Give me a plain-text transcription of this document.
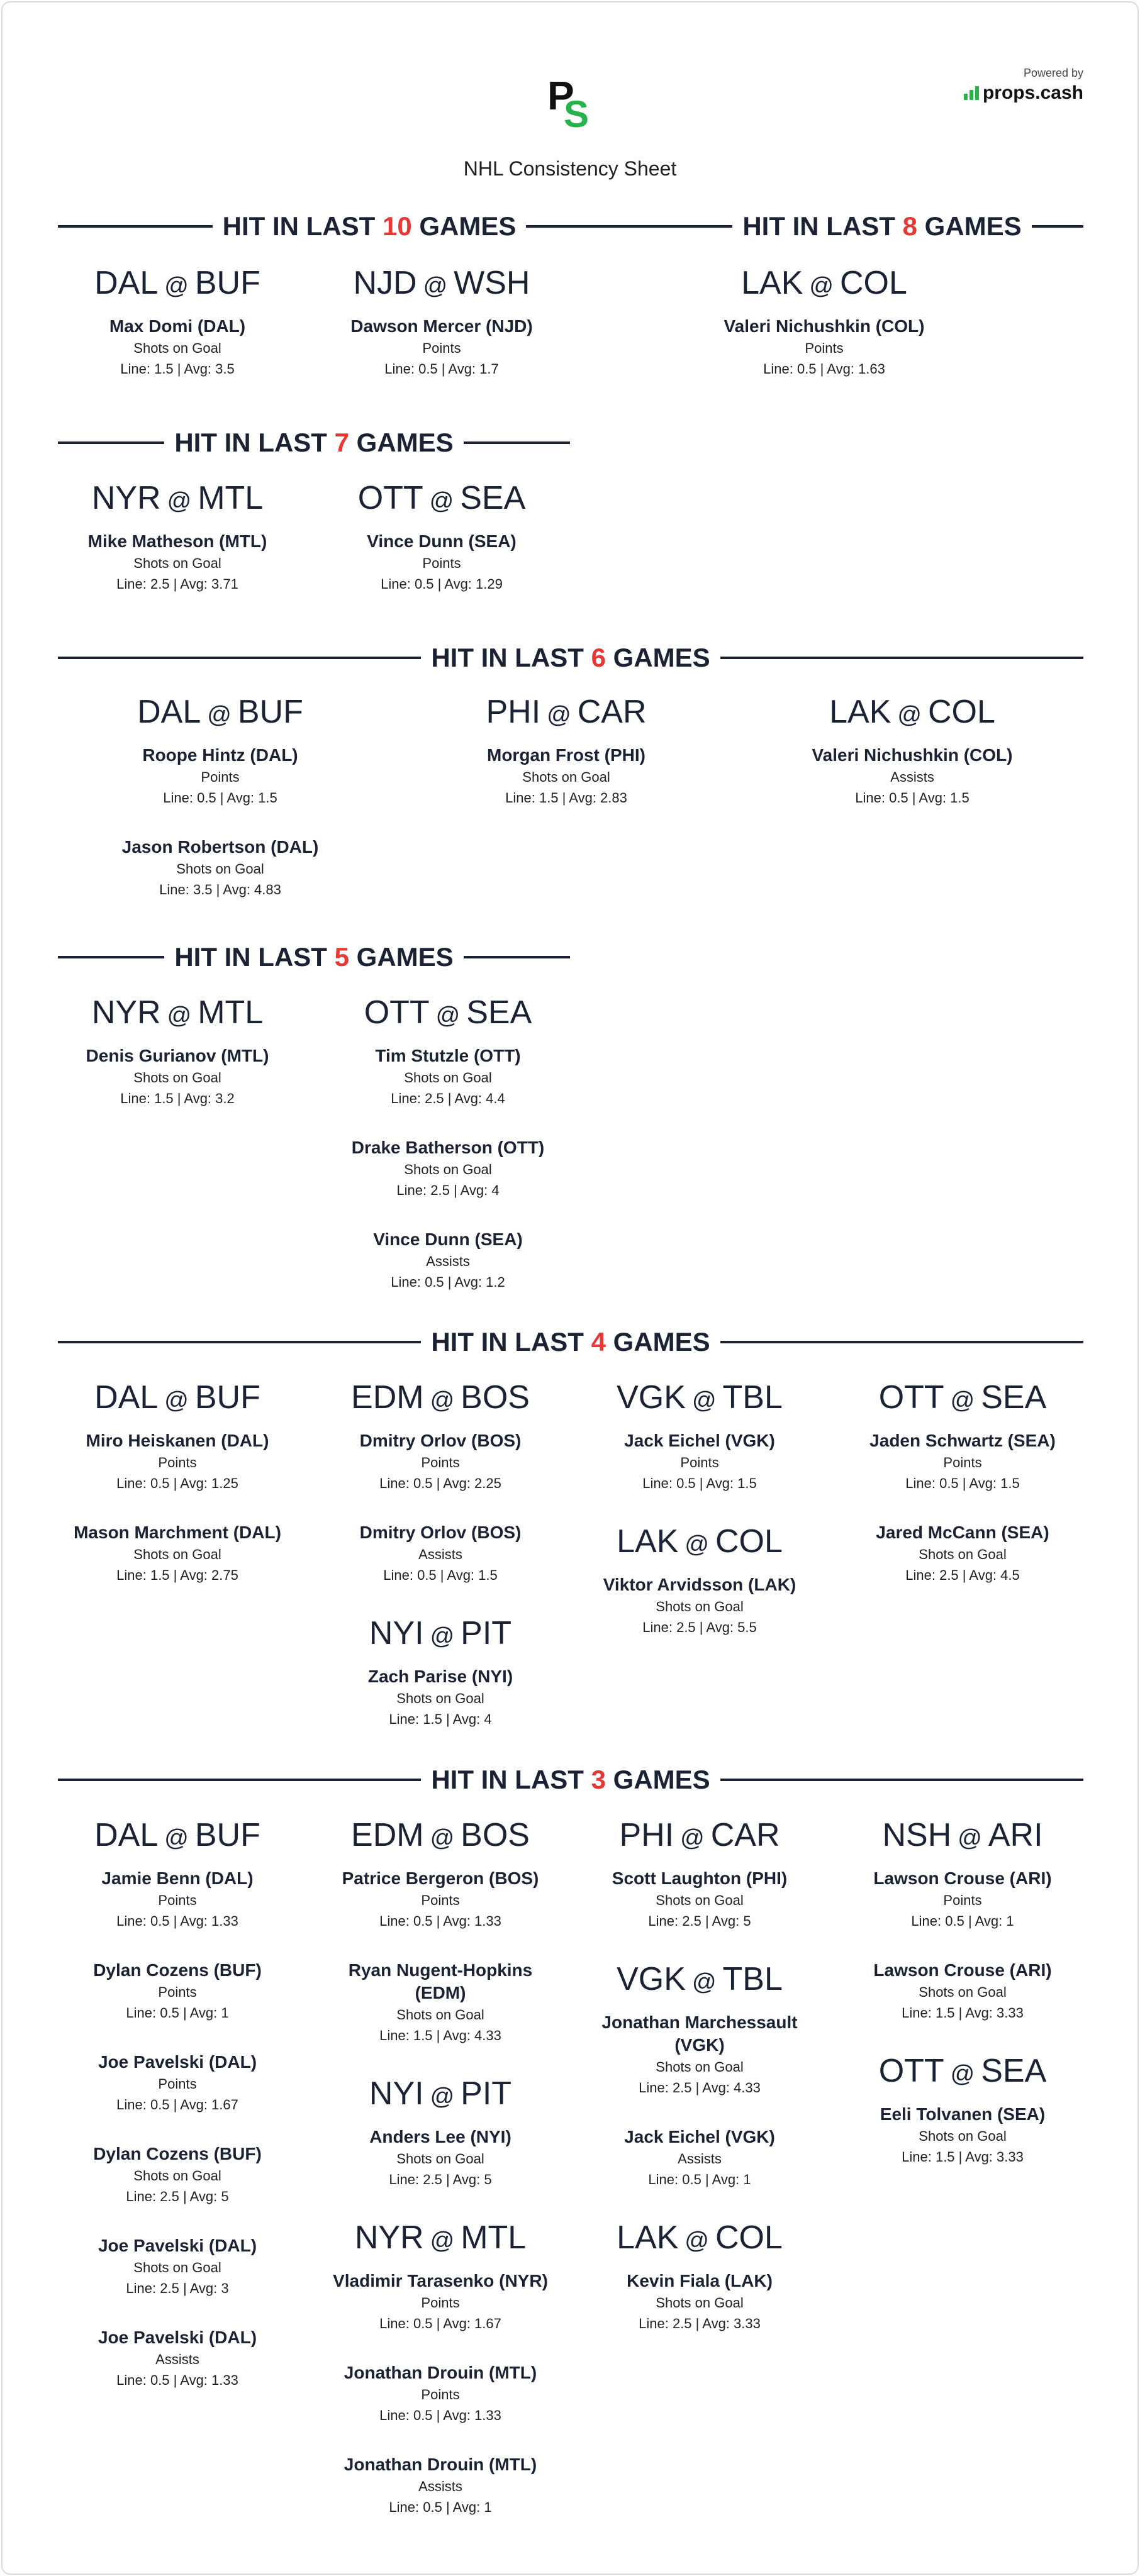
P
S
Powered by
props.cash
NHL Consistency Sheet
HIT IN LAST 10 GAMES	HIT IN LAST 8 GAMES
HIT IN LAST 7 GAMES
HIT IN LAST 6 GAMES
HIT IN LAST 5 GAMES
HIT IN LAST 4 GAMES
HIT IN LAST 3 GAMES
DAL @ BUF
Max Domi (DAL)
Shots on Goal
Line: 1.5 | Avg: 3.5
NJD @ WSH
Dawson Mercer (NJD)
Points
Line: 0.5 | Avg: 1.7
LAK @ COL
Valeri Nichushkin (COL)
Points
Line: 0.5 | Avg: 1.63
NYR @ MTL
Mike Matheson (MTL)
Shots on Goal
Line: 2.5 | Avg: 3.71
OTT @ SEA
Vince Dunn (SEA)
Points
Line: 0.5 | Avg: 1.29
DAL @ BUF
Roope Hintz (DAL)
Points
Line: 0.5 | Avg: 1.5
Jason Robertson (DAL)
Shots on Goal
Line: 3.5 | Avg: 4.83
PHI @ CAR
Morgan Frost (PHI)
Shots on Goal
Line: 1.5 | Avg: 2.83
LAK @ COL
Valeri Nichushkin (COL)
Assists
Line: 0.5 | Avg: 1.5
NYR @ MTL
Denis Gurianov (MTL)
Shots on Goal
Line: 1.5 | Avg: 3.2
OTT @ SEA
Tim Stutzle (OTT)
Shots on Goal
Line: 2.5 | Avg: 4.4
Drake Batherson (OTT)
Shots on Goal
Line: 2.5 | Avg: 4
Vince Dunn (SEA)
Assists
Line: 0.5 | Avg: 1.2
DAL @ BUF
Miro Heiskanen (DAL)
Points
Line: 0.5 | Avg: 1.25
Mason Marchment (DAL)
Shots on Goal
Line: 1.5 | Avg: 2.75
EDM @ BOS
Dmitry Orlov (BOS)
Points
Line: 0.5 | Avg: 2.25
Dmitry Orlov (BOS)
Assists
Line: 0.5 | Avg: 1.5
NYI @ PIT
Zach Parise (NYI)
Shots on Goal
Line: 1.5 | Avg: 4
VGK @ TBL
Jack Eichel (VGK)
Points
Line: 0.5 | Avg: 1.5
LAK @ COL
Viktor Arvidsson (LAK)
Shots on Goal
Line: 2.5 | Avg: 5.5
OTT @ SEA
Jaden Schwartz (SEA)
Points
Line: 0.5 | Avg: 1.5
Jared McCann (SEA)
Shots on Goal
Line: 2.5 | Avg: 4.5
DAL @ BUF
Jamie Benn (DAL)
Points
Line: 0.5 | Avg: 1.33
Dylan Cozens (BUF)
Points
Line: 0.5 | Avg: 1
Joe Pavelski (DAL)
Points
Line: 0.5 | Avg: 1.67
Dylan Cozens (BUF)
Shots on Goal
Line: 2.5 | Avg: 5
Joe Pavelski (DAL)
Shots on Goal
Line: 2.5 | Avg: 3
Joe Pavelski (DAL)
Assists
Line: 0.5 | Avg: 1.33
EDM @ BOS
Patrice Bergeron (BOS)
Points
Line: 0.5 | Avg: 1.33
Ryan Nugent-Hopkins (EDM)
Shots on Goal
Line: 1.5 | Avg: 4.33
NYI @ PIT
Anders Lee (NYI)
Shots on Goal
Line: 2.5 | Avg: 5
NYR @ MTL
Vladimir Tarasenko (NYR)
Points
Line: 0.5 | Avg: 1.67
Jonathan Drouin (MTL)
Points
Line: 0.5 | Avg: 1.33
Jonathan Drouin (MTL)
Assists
Line: 0.5 | Avg: 1
PHI @ CAR
Scott Laughton (PHI)
Shots on Goal
Line: 2.5 | Avg: 5
VGK @ TBL
Jonathan Marchessault (VGK)
Shots on Goal
Line: 2.5 | Avg: 4.33
Jack Eichel (VGK)
Assists
Line: 0.5 | Avg: 1
LAK @ COL
Kevin Fiala (LAK)
Shots on Goal
Line: 2.5 | Avg: 3.33
NSH @ ARI
Lawson Crouse (ARI)
Points
Line: 0.5 | Avg: 1
Lawson Crouse (ARI)
Shots on Goal
Line: 1.5 | Avg: 3.33
OTT @ SEA
Eeli Tolvanen (SEA)
Shots on Goal
Line: 1.5 | Avg: 3.33
